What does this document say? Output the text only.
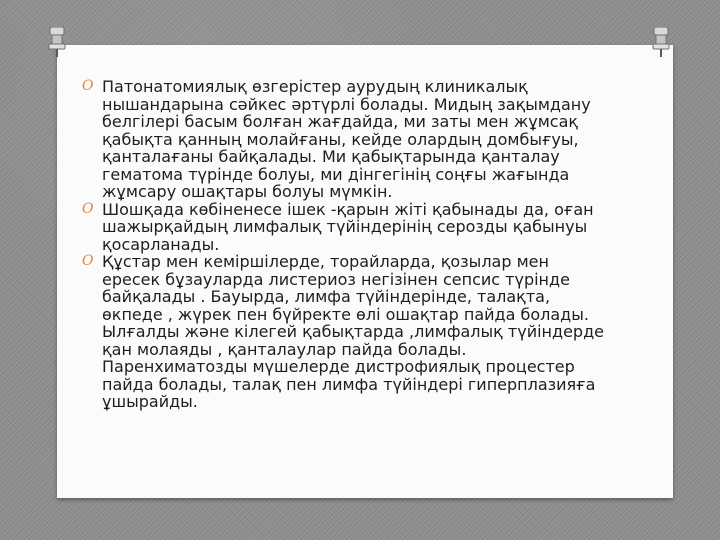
O Патонатомиялық өзгерістер аурудың клиникалық
нышандарына сәйкес әртүрлі болады. Мидың зақымдану
белгілері басым болған жағдайда, ми заты мен жұмсақ
қабықта қанның молайғаны, кейде олардың домбығуы,
қанталағаны байқалады. Ми қабықтарында қанталау
гематома түрінде болуы, ми дінгегінің соңғы жағында
жұмсару ошақтары болуы мүмкін.
O Шошқада көбіненесе ішек -қарын жіті қабынады да, оған
шажырқайдың лимфалық түйіндерінің серозды қабынуы
қосарланады.
O Құстар мен кеміршілерде, торайларда, қозылар мен
ересек бұзауларда листериоз негізінен сепсис түрінде
байқалады . Бауырда, лимфа түйіндерінде, талақта,
өкпеде , жүрек пен бүйректе өлі ошақтар пайда болады.
Ылғалды және кілегей қабықтарда ,лимфалық түйіндерде
қан молаяды , қанталаулар пайда болады.
Паренхиматозды мүшелерде дистрофиялық процестер
пайда болады, талақ пен лимфа түйіндері гиперплазияға
ұшырайды.
